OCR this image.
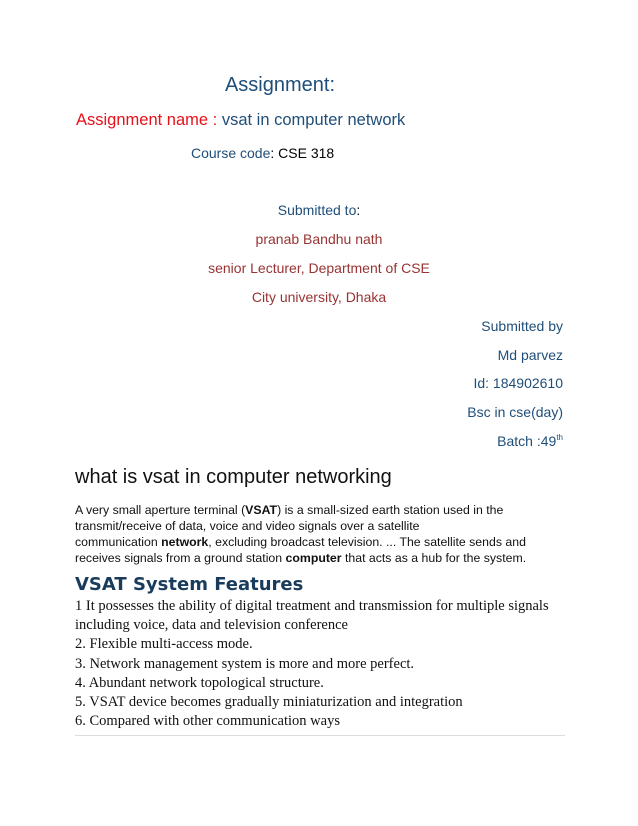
Assignment:
Assignment name : vsat in computer network
Course code: CSE 318
Submitted to:
pranab Bandhu nath
senior Lecturer, Department of CSE
City university, Dhaka
Submitted by
Md parvez
Id: 184902610
Bsc in cse(day)
Batch :49th
what is vsat in computer networking
A very small aperture terminal (VSAT) is a small-sized earth station used in the
transmit/receive of data, voice and video signals over a satellite
communication network, excluding broadcast television. ... The satellite sends and
receives signals from a ground station computer that acts as a hub for the system.
VSAT System Features
1 It possesses the ability of digital treatment and transmission for multiple signals
including voice, data and television conference
2. Flexible multi-access mode.
3. Network management system is more and more perfect.
4. Abundant network topological structure.
5. VSAT device becomes gradually miniaturization and integration
6. Compared with other communication ways
